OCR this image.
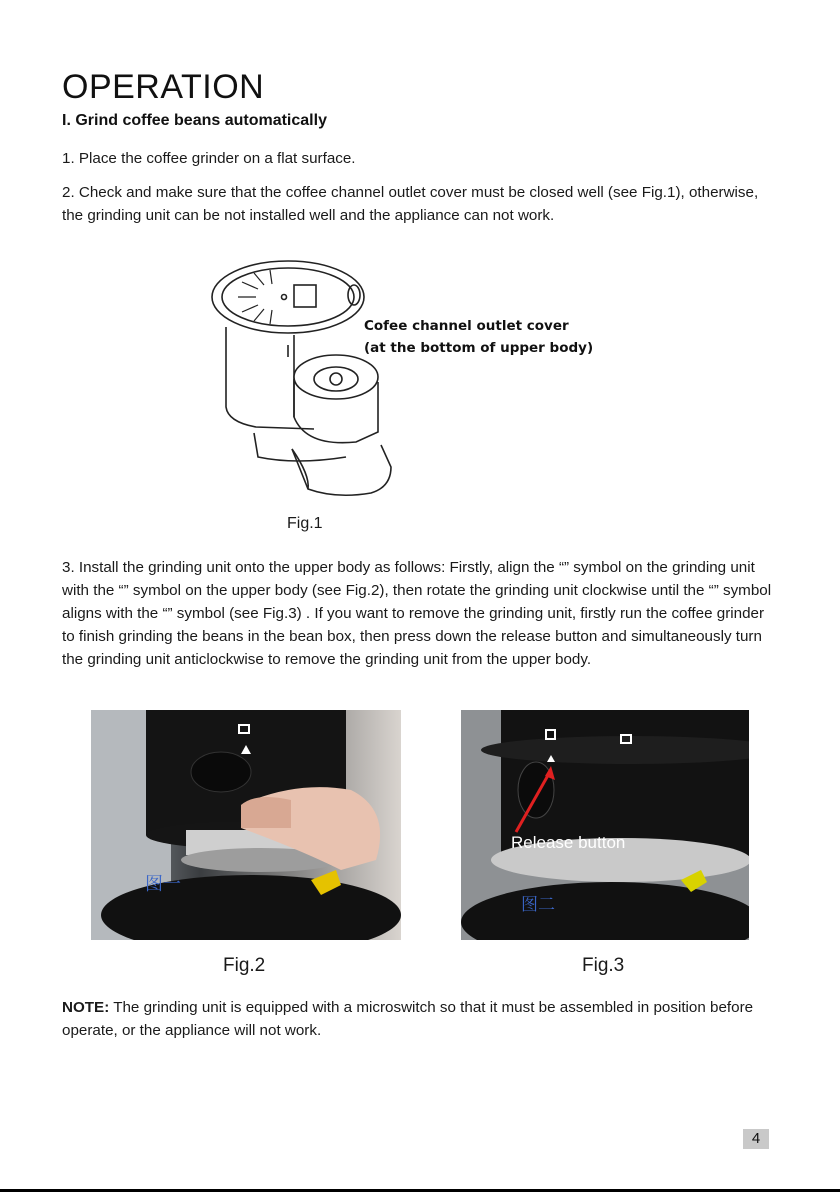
OPERATION
I. Grind coffee beans automatically
1. Place the coffee grinder on a flat surface.
2. Check and make sure that the coffee channel outlet cover must be closed well (see Fig.1), otherwise, the grinding unit can be not installed well and the appliance can not work.
Cofee channel outlet cover
(at the bottom of upper body)
Fig.1
3. Install the grinding unit onto the upper body as follows: Firstly, align the “” symbol on the grinding unit with the “” symbol on the upper body (see Fig.2), then rotate the grinding unit clockwise until the “” symbol aligns with the “” symbol (see Fig.3) . If you want to remove the grinding unit, firstly run the coffee grinder to finish grinding the beans in the bean box, then press down the release button and simultaneously turn the grinding unit anticlockwise to remove the grinding unit from the upper body.
图一
Release button
图二
Fig.2	Fig.3
NOTE: The grinding unit is equipped with a microswitch so that it must be assembled in position before operate, or the appliance will not work.
4
